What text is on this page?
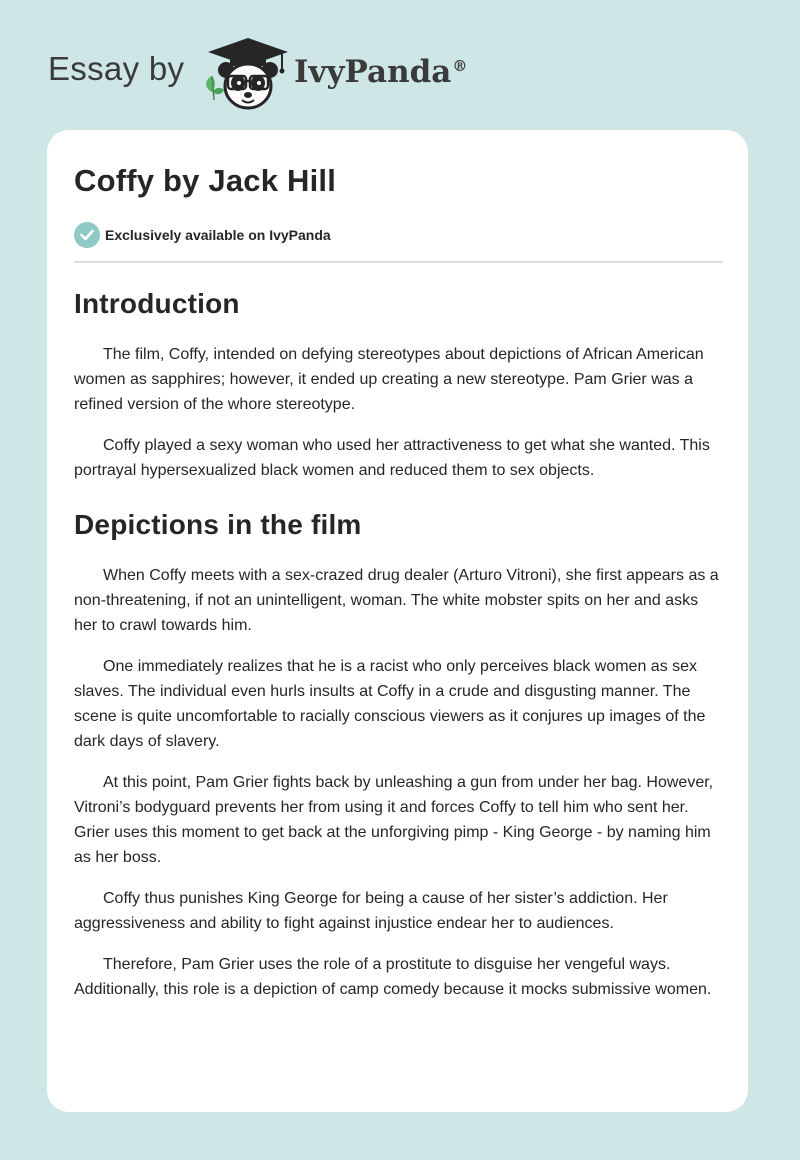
Essay by	IvyPanda®
Coffy by Jack Hill
Exclusively available on IvyPanda
Introduction

The film, Coffy, intended on defying stereotypes about depictions of African American women as sapphires; however, it ended up creating a new stereotype. Pam Grier was a refined version of the whore stereotype.

Coffy played a sexy woman who used her attractiveness to get what she wanted. This portrayal hypersexualized black women and reduced them to sex objects.

Depictions in the film

When Coffy meets with a sex-crazed drug dealer (Arturo Vitroni), she first appears as a non-threatening, if not an unintelligent, woman. The white mobster spits on her and asks her to crawl towards him.

One immediately realizes that he is a racist who only perceives black women as sex slaves. The individual even hurls insults at Coffy in a crude and disgusting manner. The scene is quite uncomfortable to racially conscious viewers as it conjures up images of the dark days of slavery.

At this point, Pam Grier fights back by unleashing a gun from under her bag. However, Vitroni’s bodyguard prevents her from using it and forces Coffy to tell him who sent her. Grier uses this moment to get back at the unforgiving pimp - King George - by naming him as her boss.

Coffy thus punishes King George for being a cause of her sister’s addiction. Her aggressiveness and ability to fight against injustice endear her to audiences.

Therefore, Pam Grier uses the role of a prostitute to disguise her vengeful ways. Additionally, this role is a depiction of camp comedy because it mocks submissive women.
